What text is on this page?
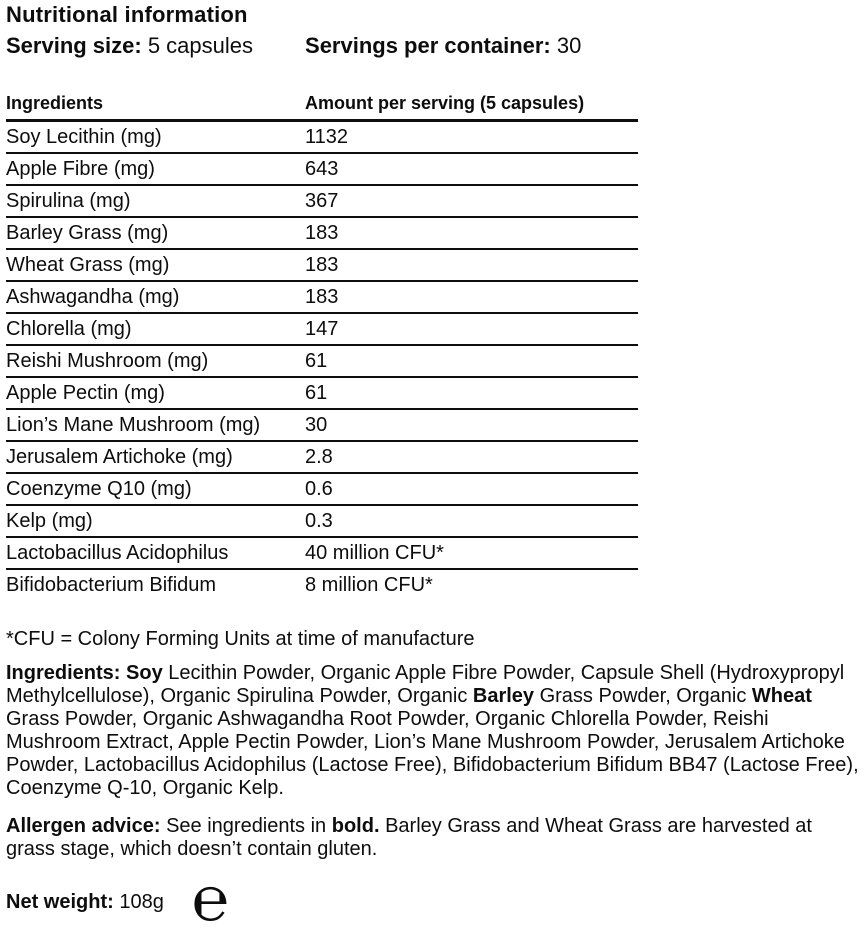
Nutritional information
Serving size: 5 capsules Servings per container: 30
Ingredients	Amount per serving (5 capsules)
Soy Lecithin (mg)	1132
Apple Fibre (mg)	643
Spirulina (mg)	367
Barley Grass (mg)	183
Wheat Grass (mg)	183
Ashwagandha (mg)	183
Chlorella (mg)	147
Reishi Mushroom (mg)	61
Apple Pectin (mg)	61
Lion’s Mane Mushroom (mg)	30
Jerusalem Artichoke (mg)	2.8
Coenzyme Q10 (mg)	0.6
Kelp (mg)	0.3
Lactobacillus Acidophilus	40 million CFU*
Bifidobacterium Bifidum	8 million CFU*
*CFU = Colony Forming Units at time of manufacture
Ingredients: Soy Lecithin Powder, Organic Apple Fibre Powder, Capsule Shell (Hydroxypropyl Methylcellulose), Organic Spirulina Powder, Organic Barley Grass Powder, Organic Wheat Grass Powder, Organic Ashwagandha Root Powder, Organic Chlorella Powder, Reishi Mushroom Extract, Apple Pectin Powder, Lion’s Mane Mushroom Powder, Jerusalem Artichoke Powder, Lactobacillus Acidophilus (Lactose Free), Bifidobacterium Bifidum BB47 (Lactose Free), Coenzyme Q-10, Organic Kelp.
Allergen advice: See ingredients in bold. Barley Grass and Wheat Grass are harvested at grass stage, which doesn’t contain gluten.
Net weight: 108g ℮
